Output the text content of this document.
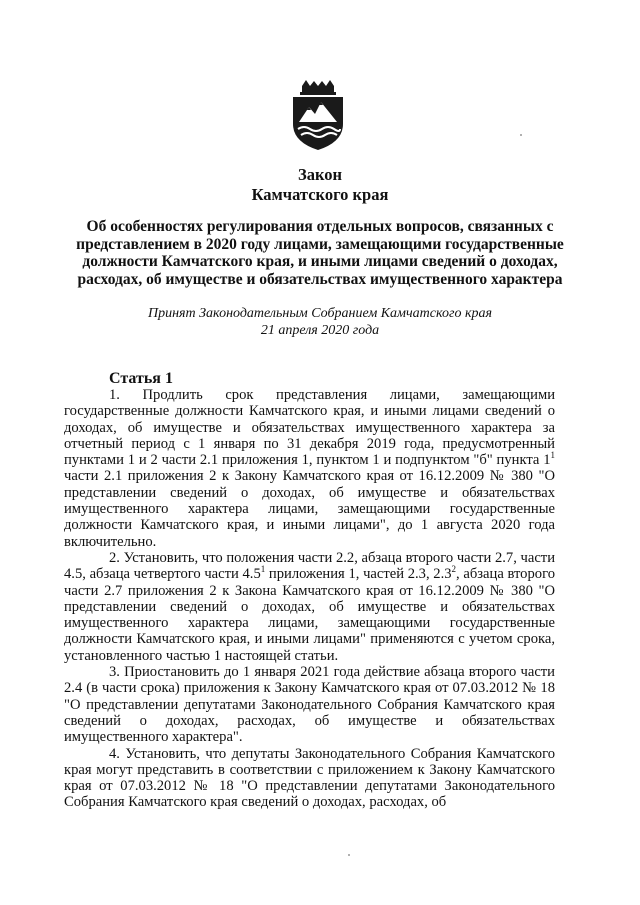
Закон
Камчатского края
Об особенностях регулирования отдельных вопросов, связанных с представлением в 2020 году лицами, замещающими государственные должности Камчатского края, и иными лицами сведений о доходах, расходах, об имуществе и обязательствах имущественного характера
Принят Законодательным Собранием Камчатского края
21 апреля 2020 года
Статья 1

1. Продлить срок представления лицами, замещающими государственные должности Камчатского края, и иными лицами сведений о доходах, об имуществе и обязательствах имущественного характера за отчетный период с 1 января по 31 декабря 2019 года, предусмотренный пунктами 1 и 2 части 2.1 приложения 1, пунктом 1 и подпунктом "б" пункта $1^1$ части 2.1 приложения 2 к Закону Камчатского края от 16.12.2009 № 380 "О представлении сведений о доходах, об имуществе и обязательствах имущественного характера лицами, замещающими государственные должности Камчатского края, и иными лицами", до 1 августа 2020 года включительно.

2. Установить, что положения части 2.2, абзаца второго части 2.7, части 4.5, абзаца четвертого части $4.5^1$ приложения 1, частей 2.3, $2.3^2$, абзаца второго части 2.7 приложения 2 к Закона Камчатского края от 16.12.2009 № 380 "О представлении сведений о доходах, об имуществе и обязательствах имущественного характера лицами, замещающими государственные должности Камчатского края, и иными лицами" применяются с учетом срока, установленного частью 1 настоящей статьи.

3. Приостановить до 1 января 2021 года действие абзаца второго части 2.4 (в части срока) приложения к Закону Камчатского края от 07.03.2012 № 18 "О представлении депутатами Законодательного Собрания Камчатского края сведений о доходах, расходах, об имуществе и обязательствах имущественного характера".

4. Установить, что депутаты Законодательного Собрания Камчатского края могут представить в соответствии с приложением к Закону Камчатского края от 07.03.2012 № 18 "О представлении депутатами Законодательного Собрания Камчатского края сведений о доходах, расходах, об
